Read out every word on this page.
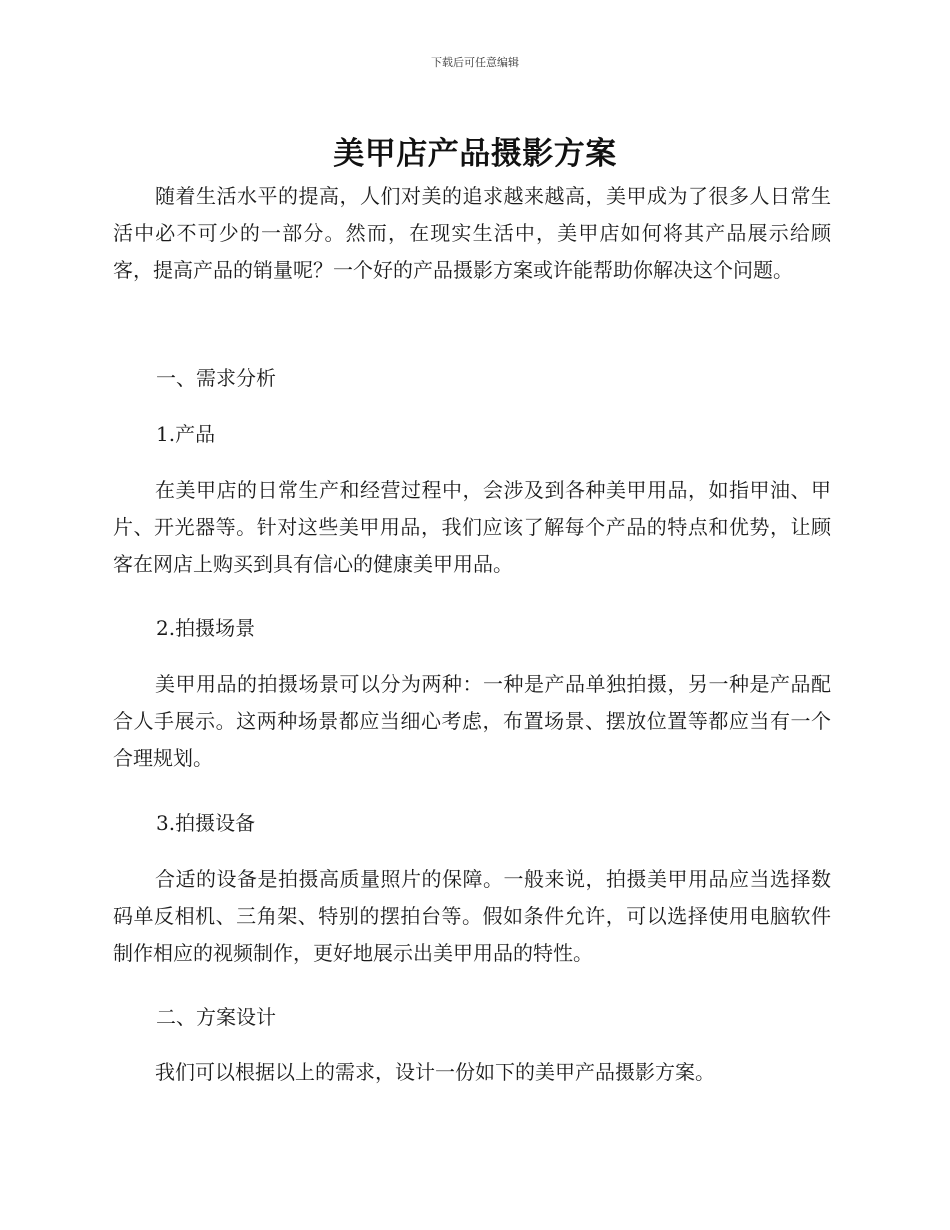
下载后可任意编辑
美甲店产品摄影方案
随着生活水平的提高，人们对美的追求越来越高，美甲成为了很多人日常生活中必不可少的一部分。然而，在现实生活中，美甲店如何将其产品展示给顾客，提高产品的销量呢？一个好的产品摄影方案或许能帮助你解决这个问题。
一、需求分析
1.产品
在美甲店的日常生产和经营过程中，会涉及到各种美甲用品，如指甲油、甲片、开光器等。针对这些美甲用品，我们应该了解每个产品的特点和优势，让顾客在网店上购买到具有信心的健康美甲用品。
2.拍摄场景
美甲用品的拍摄场景可以分为两种：一种是产品单独拍摄，另一种是产品配合人手展示。这两种场景都应当细心考虑，布置场景、摆放位置等都应当有一个合理规划。
3.拍摄设备
合适的设备是拍摄高质量照片的保障。一般来说，拍摄美甲用品应当选择数码单反相机、三角架、特别的摆拍台等。假如条件允许，可以选择使用电脑软件制作相应的视频制作，更好地展示出美甲用品的特性。
二、方案设计
我们可以根据以上的需求，设计一份如下的美甲产品摄影方案。
